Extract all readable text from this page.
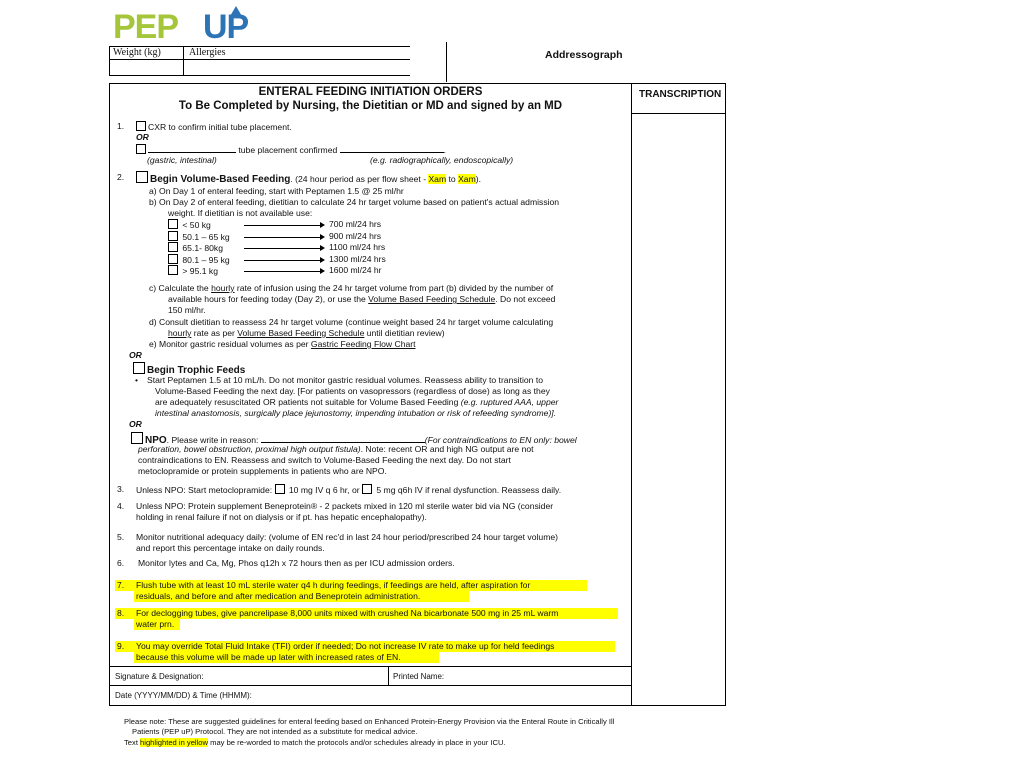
PEP UP
Weight (kg)	Allergies	Addressograph
TRANSCRIPTION
ENTERAL FEEDING INITIATION ORDERS
To Be Completed by Nursing, the Dietitian or MD and signed by an MD
1.	CXR to confirm initial tube placement.
OR
tube placement confirmed	.
(gastric, intestinal)	(e.g. radiographically, endoscopically)
2.	Begin Volume-Based Feeding. (24 hour period as per flow sheet - Xam to Xam).
a) On Day 1 of enteral feeding, start with Peptamen 1.5 @ 25 ml/hr
b) On Day 2 of enteral feeding, dietitian to calculate 24 hr target volume based on patient's actual admission
weight. If dietitian is not available use:
< 50 kg	700 ml/24 hrs
50.1 – 65 kg	900 ml/24 hrs
65.1- 80kg	1100 ml/24 hrs
80.1 – 95 kg	1300 ml/24 hrs
> 95.1 kg	1600 ml/24 hr
c) Calculate the hourly rate of infusion using the 24 hr target volume from part (b) divided by the number of
available hours for feeding today (Day 2), or use the Volume Based Feeding Schedule. Do not exceed
150 ml/hr.
d) Consult dietitian to reassess 24 hr target volume (continue weight based 24 hr target volume calculating
hourly rate as per Volume Based Feeding Schedule until dietitian review)
e) Monitor gastric residual volumes as per Gastric Feeding Flow Chart
OR
Begin Trophic Feeds
• Start Peptamen 1.5 at 10 mL/h. Do not monitor gastric residual volumes. Reassess ability to transition to
Volume-Based Feeding the next day. [For patients on vasopressors (regardless of dose) as long as they
are adequately resuscitated OR patients not suitable for Volume Based Feeding (e.g. ruptured AAA, upper
intestinal anastomosis, surgically place jejunostomy, impending intubation or risk of refeeding syndrome)].
OR
NPO. Please write in reason:	(For contraindications to EN only: bowel
perforation, bowel obstruction, proximal high output fistula). Note: recent OR and high NG output are not
contraindications to EN. Reassess and switch to Volume-Based Feeding the next day. Do not start
metoclopramide or protein supplements in patients who are NPO.
3. Unless NPO: Start metoclopramide:  10 mg IV q 6 hr, or  5 mg q6h IV if renal dysfunction. Reassess daily.
4. Unless NPO: Protein supplement Beneprotein® - 2 packets mixed in 120 ml sterile water bid via NG (consider
holding in renal failure if not on dialysis or if pt. has hepatic encephalopathy).
5. Monitor nutritional adequacy daily: (volume of EN rec'd in last 24 hour period/prescribed 24 hour target volume)
and report this percentage intake on daily rounds.
6. Monitor lytes and Ca, Mg, Phos q12h x 72 hours then as per ICU admission orders.
7. Flush tube with at least 10 mL sterile water q4 h during feedings, if feedings are held, after aspiration for
residuals, and before and after medication and Beneprotein administration.
8. For declogging tubes, give pancrelipase 8,000 units mixed with crushed Na bicarbonate 500 mg in 25 mL warm
water prn.
9. You may override Total Fluid Intake (TFI) order if needed; Do not increase IV rate to make up for held feedings
because this volume will be made up later with increased rates of EN.
Signature & Designation:	Printed Name:
Date (YYYY/MM/DD) & Time (HHMM):
Please note: These are suggested guidelines for enteral feeding based on Enhanced Protein-Energy Provision via the Enteral Route in Critically Ill
Patients (PEP uP) Protocol. They are not intended as a substitute for medical advice.
Text highlighted in yellow may be re-worded to match the protocols and/or schedules already in place in your ICU.
